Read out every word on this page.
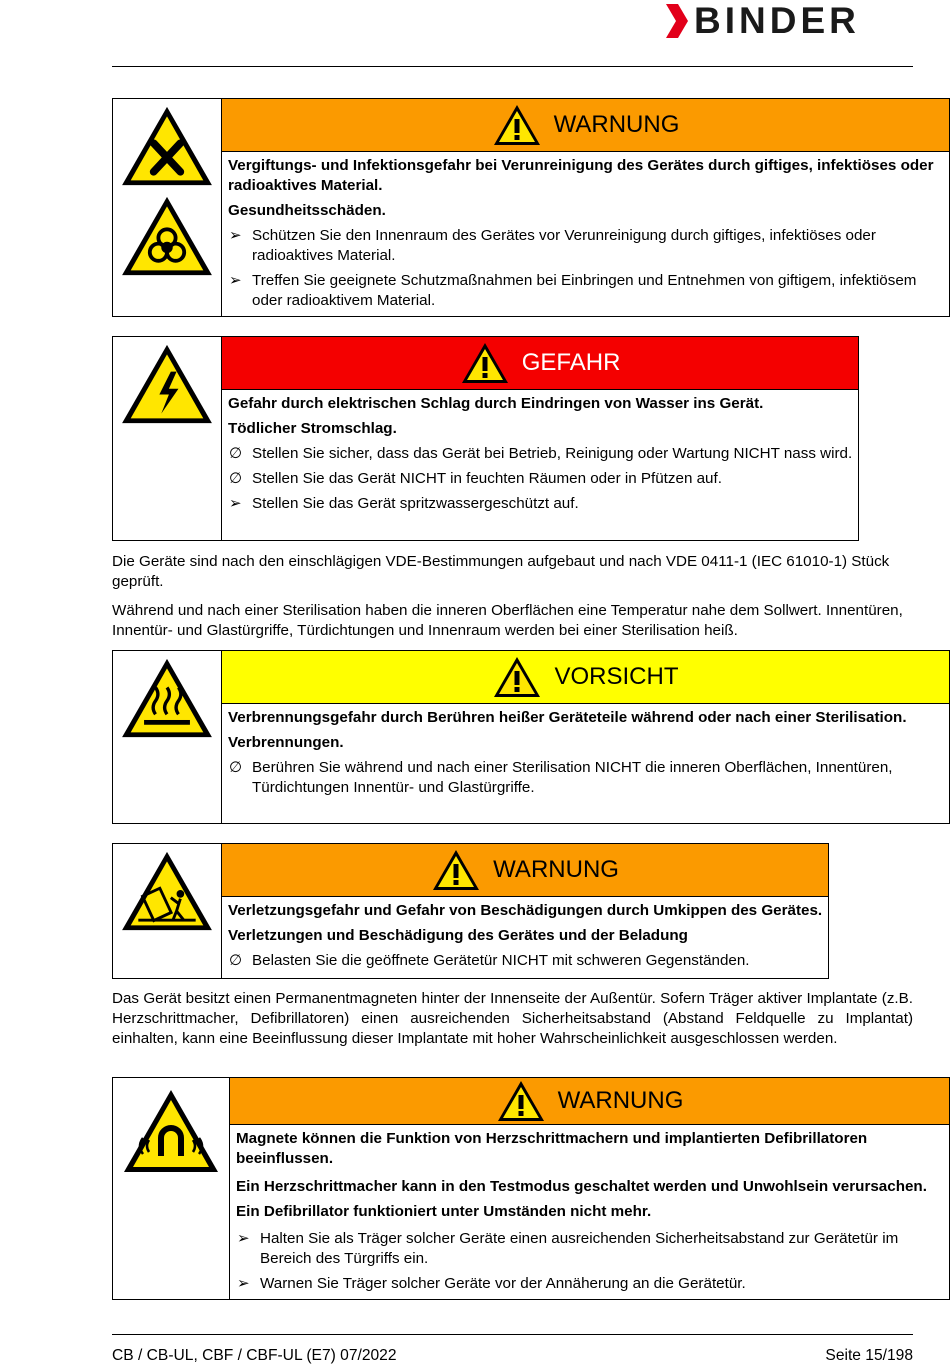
BINDER
WARNUNG
Vergiftungs- und Infektionsgefahr bei Verunreinigung des Gerätes durch giftiges, infektiöses oder radioaktives Material.
Gesundheitsschäden.
➢ Schützen Sie den Innenraum des Gerätes vor Verunreinigung durch giftiges, infektiöses oder radioaktives Material.
➢ Treffen Sie geeignete Schutzmaßnahmen bei Einbringen und Entnehmen von giftigem, infektiösem oder radioaktivem Material.
GEFAHR
Gefahr durch elektrischen Schlag durch Eindringen von Wasser ins Gerät.
Tödlicher Stromschlag.
∅ Stellen Sie sicher, dass das Gerät bei Betrieb, Reinigung oder Wartung NICHT nass wird.
∅ Stellen Sie das Gerät NICHT in feuchten Räumen oder in Pfützen auf.
➢ Stellen Sie das Gerät spritzwassergeschützt auf.
Die Geräte sind nach den einschlägigen VDE-Bestimmungen aufgebaut und nach VDE 0411-1 (IEC 61010-1) Stück geprüft.
Während und nach einer Sterilisation haben die inneren Oberflächen eine Temperatur nahe dem Sollwert. Innentüren, Innentür- und Glastürgriffe, Türdichtungen und Innenraum werden bei einer Sterilisation heiß.
VORSICHT
Verbrennungsgefahr durch Berühren heißer Geräteteile während oder nach einer Sterilisation.
Verbrennungen.
∅ Berühren Sie während und nach einer Sterilisation NICHT die inneren Oberflächen, Innentüren, Türdichtungen Innentür- und Glastürgriffe.
WARNUNG
Verletzungsgefahr und Gefahr von Beschädigungen durch Umkippen des Gerätes.
Verletzungen und Beschädigung des Gerätes und der Beladung
∅ Belasten Sie die geöffnete Gerätetür NICHT mit schweren Gegenständen.
Das Gerät besitzt einen Permanentmagneten hinter der Innenseite der Außentür. Sofern Träger aktiver Implantate (z.B. Herzschrittmacher, Defibrillatoren) einen ausreichenden Sicherheitsabstand (Abstand Feldquelle zu Implantat) einhalten, kann eine Beeinflussung dieser Implantate mit hoher Wahrscheinlichkeit ausgeschlossen werden.
WARNUNG
Magnete können die Funktion von Herzschrittmachern und implantierten Defibrillatoren beeinflussen.
Ein Herzschrittmacher kann in den Testmodus geschaltet werden und Unwohlsein verursachen. Ein Defibrillator funktioniert unter Umständen nicht mehr.
➢ Halten Sie als Träger solcher Geräte einen ausreichenden Sicherheitsabstand zur Gerätetür im Bereich des Türgriffs ein.
➢ Warnen Sie Träger solcher Geräte vor der Annäherung an die Gerätetür.
CB / CB-UL, CBF / CBF-UL (E7) 07/2022	Seite 15/198
